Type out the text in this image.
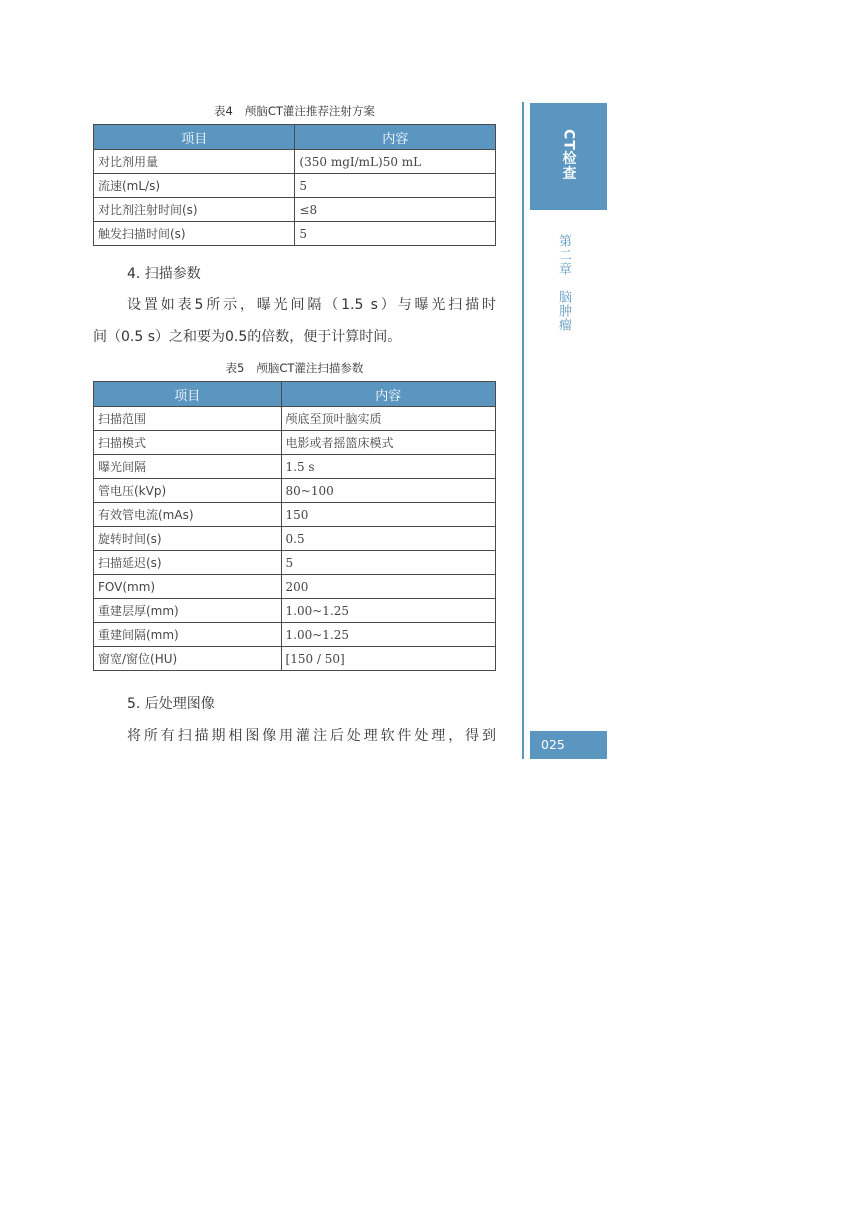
表4 颅脑CT灌注推荐注射方案
项目	内容
对比剂用量	(350 mgI/mL)50 mL
流速(mL/s)	5
对比剂注射时间(s)	≤8
触发扫描时间(s)	5
4. 扫描参数
设置如表5所示，曝光间隔（1.5 s）与曝光扫描时
间（0.5 s）之和要为0.5的倍数，便于计算时间。
表5 颅脑CT灌注扫描参数
项目	内容
扫描范围	颅底至顶叶脑实质
扫描模式	电影或者摇篮床模式
曝光间隔	1.5 s
管电压(kVp)	80~100
有效管电流(mAs)	150
旋转时间(s)	0.5
扫描延迟(s)	5
FOV(mm)	200
重建层厚(mm)	1.00~1.25
重建间隔(mm)	1.00~1.25
窗宽/窗位(HU)	[150 / 50]
5. 后处理图像
将所有扫描期相图像用灌注后处理软件处理，得到
CT检查
第二章脑肿瘤
025
